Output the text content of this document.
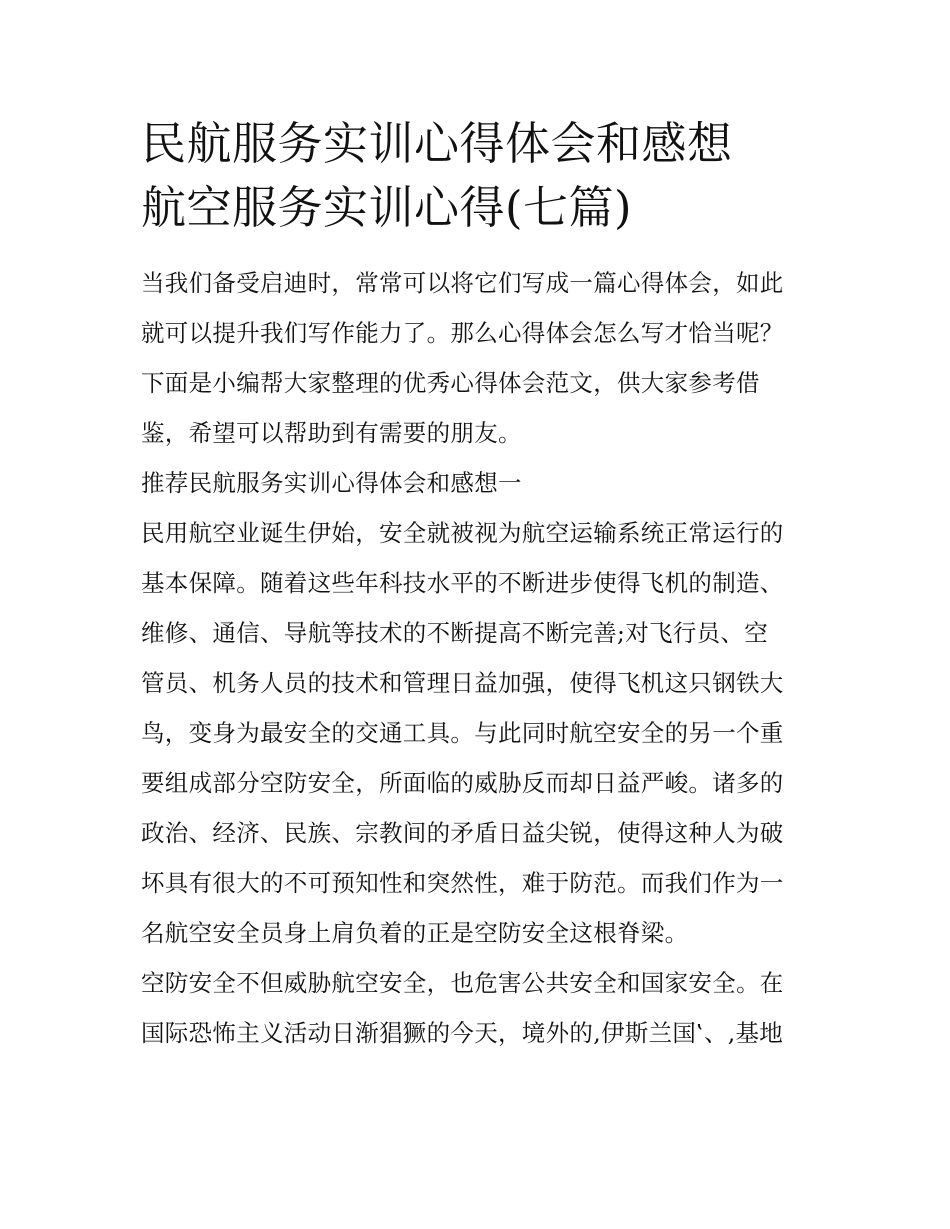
民航服务实训心得体会和感想
航空服务实训心得(七篇)

当我们备受启迪时，常常可以将它们写成一篇心得体会，如此
就可以提升我们写作能力了。那么心得体会怎么写才恰当呢？
下面是小编帮大家整理的优秀心得体会范文，供大家参考借
鉴，希望可以帮助到有需要的朋友。

推荐民航服务实训心得体会和感想一

民用航空业诞生伊始，安全就被视为航空运输系统正常运行的
基本保障。随着这些年科技水平的不断进步使得飞机的制造、
维修、通信、导航等技术的不断提高不断完善;对飞行员、空
管员、机务人员的技术和管理日益加强，使得飞机这只钢铁大
鸟，变身为最安全的交通工具。与此同时航空安全的另一个重
要组成部分空防安全，所面临的威胁反而却日益严峻。诸多的
政治、经济、民族、宗教间的矛盾日益尖锐，使得这种人为破
坏具有很大的不可预知性和突然性，难于防范。而我们作为一
名航空安全员身上肩负着的正是空防安全这根脊梁。

空防安全不但威胁航空安全，也危害公共安全和国家安全。在
国际恐怖主义活动日渐猖獗的今天，境外的,伊斯兰国‛、,基地
